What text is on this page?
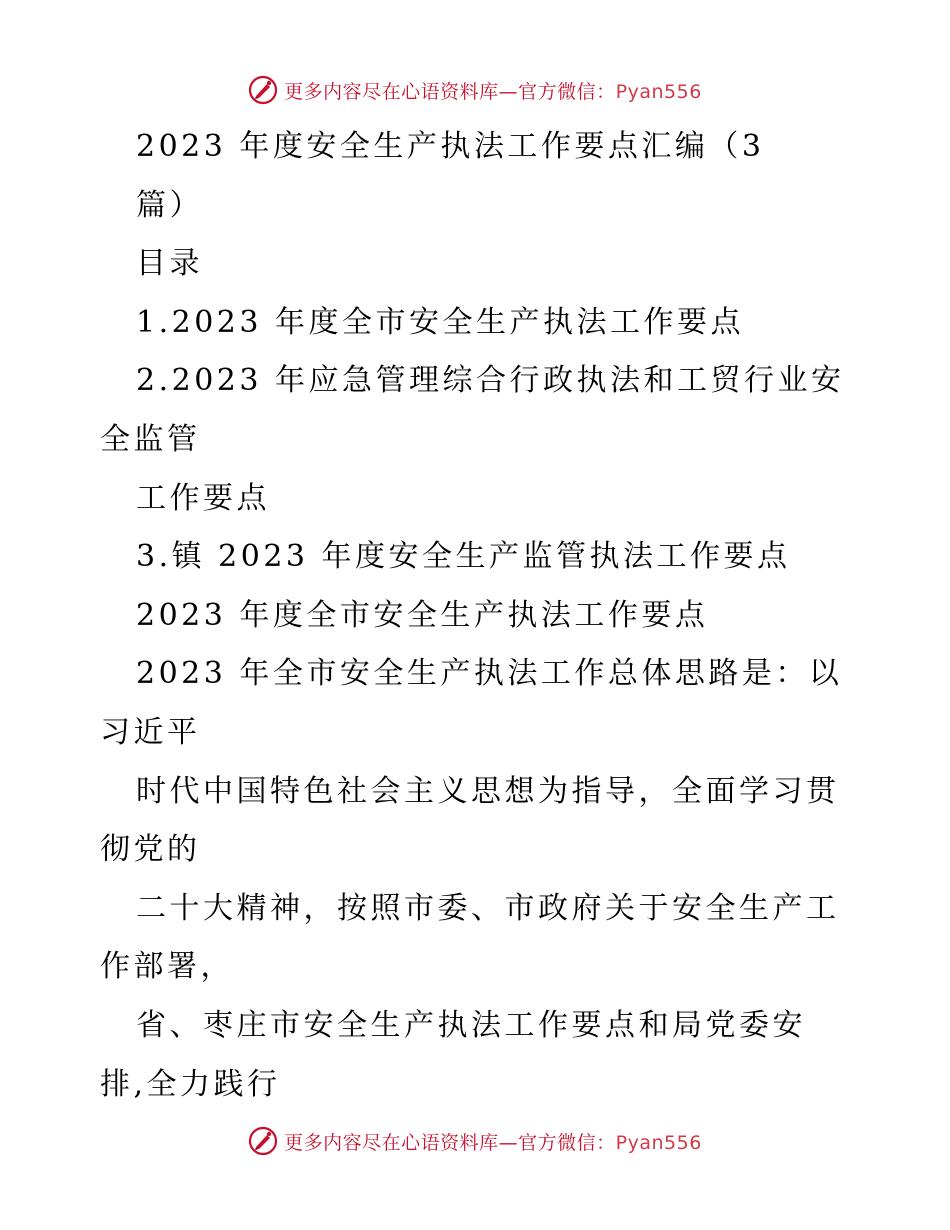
更多内容尽在心语资料库—官方微信：Pyan556
2023 年度安全生产执法工作要点汇编（3
篇）
目录
1.2023 年度全市安全生产执法工作要点
2.2023 年应急管理综合行政执法和工贸行业安
全监管
工作要点
3.镇 2023 年度安全生产监管执法工作要点
2023 年度全市安全生产执法工作要点
2023 年全市安全生产执法工作总体思路是：以
习近平
时代中国特色社会主义思想为指导，全面学习贯
彻党的
二十大精神，按照市委、市政府关于安全生产工
作部署，
省、枣庄市安全生产执法工作要点和局党委安
排,全力践行
更多内容尽在心语资料库—官方微信：Pyan556
